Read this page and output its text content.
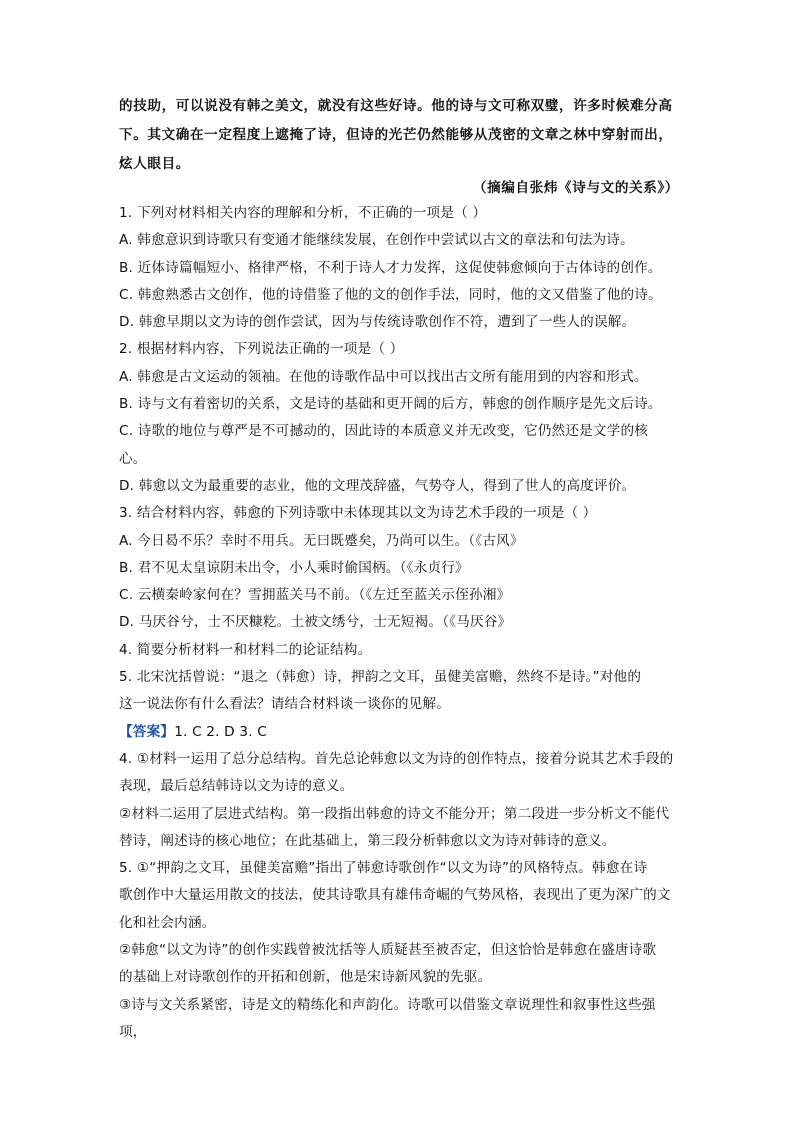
的技助，可以说没有韩之美文，就没有这些好诗。他的诗与文可称双璧，许多时候难分高

下。其文确在一定程度上遮掩了诗，但诗的光芒仍然能够从茂密的文章之林中穿射而出，

炫人眼目。

（摘编自张炜《诗与文的关系》）

1. 下列对材料相关内容的理解和分析，不正确的一项是（ ）

A. 韩愈意识到诗歌只有变通才能继续发展，在创作中尝试以古文的章法和句法为诗。

B. 近体诗篇幅短小、格律严格，不利于诗人才力发挥，这促使韩愈倾向于古体诗的创作。

C. 韩愈熟悉古文创作，他的诗借鉴了他的文的创作手法，同时，他的文又借鉴了他的诗。

D. 韩愈早期以文为诗的创作尝试，因为与传统诗歌创作不符，遭到了一些人的误解。

2. 根据材料内容，下列说法正确的一项是（ ）

A. 韩愈是古文运动的领袖。在他的诗歌作品中可以找出古文所有能用到的内容和形式。

B. 诗与文有着密切的关系，文是诗的基础和更开阔的后方，韩愈的创作顺序是先文后诗。

C. 诗歌的地位与尊严是不可撼动的，因此诗的本质意义并无改变，它仍然还是文学的核

心。

D. 韩愈以文为最重要的志业，他的文理茂辞盛，气势夺人，得到了世人的高度评价。

3. 结合材料内容，韩愈的下列诗歌中未体现其以文为诗艺术手段的一项是（ ）

A. 今日曷不乐？幸时不用兵。无曰既蹙矣，乃尚可以生。（《古风》

B. 君不见太皇谅阴未出令，小人乘时偷国柄。（《永贞行》

C. 云横秦岭家何在？雪拥蓝关马不前。（《左迁至蓝关示侄孙湘》

D. 马厌谷兮，士不厌糠籺。土被文绣兮，士无短褐。（《马厌谷》

4. 简要分析材料一和材料二的论证结构。

5. 北宋沈括曾说：“退之（韩愈）诗，押韵之文耳，虽健美富赡，然终不是诗。”对他的

这一说法你有什么看法？请结合材料谈一谈你的见解。

【答案】1. C 2. D 3. C

4. ①材料一运用了总分总结构。首先总论韩愈以文为诗的创作特点，接着分说其艺术手段的

表现，最后总结韩诗以文为诗的意义。

②材料二运用了层进式结构。第一段指出韩愈的诗文不能分开；第二段进一步分析文不能代

替诗，阐述诗的核心地位；在此基础上，第三段分析韩愈以文为诗对韩诗的意义。

5. ①“押韵之文耳，虽健美富赡”指出了韩愈诗歌创作“以文为诗”的风格特点。韩愈在诗

歌创作中大量运用散文的技法，使其诗歌具有雄伟奇崛的气势风格，表现出了更为深广的文

化和社会内涵。

②韩愈“以文为诗”的创作实践曾被沈括等人质疑甚至被否定，但这恰恰是韩愈在盛唐诗歌

的基础上对诗歌创作的开拓和创新，他是宋诗新风貌的先驱。

③诗与文关系紧密，诗是文的精练化和声韵化。诗歌可以借鉴文章说理性和叙事性这些强项，
